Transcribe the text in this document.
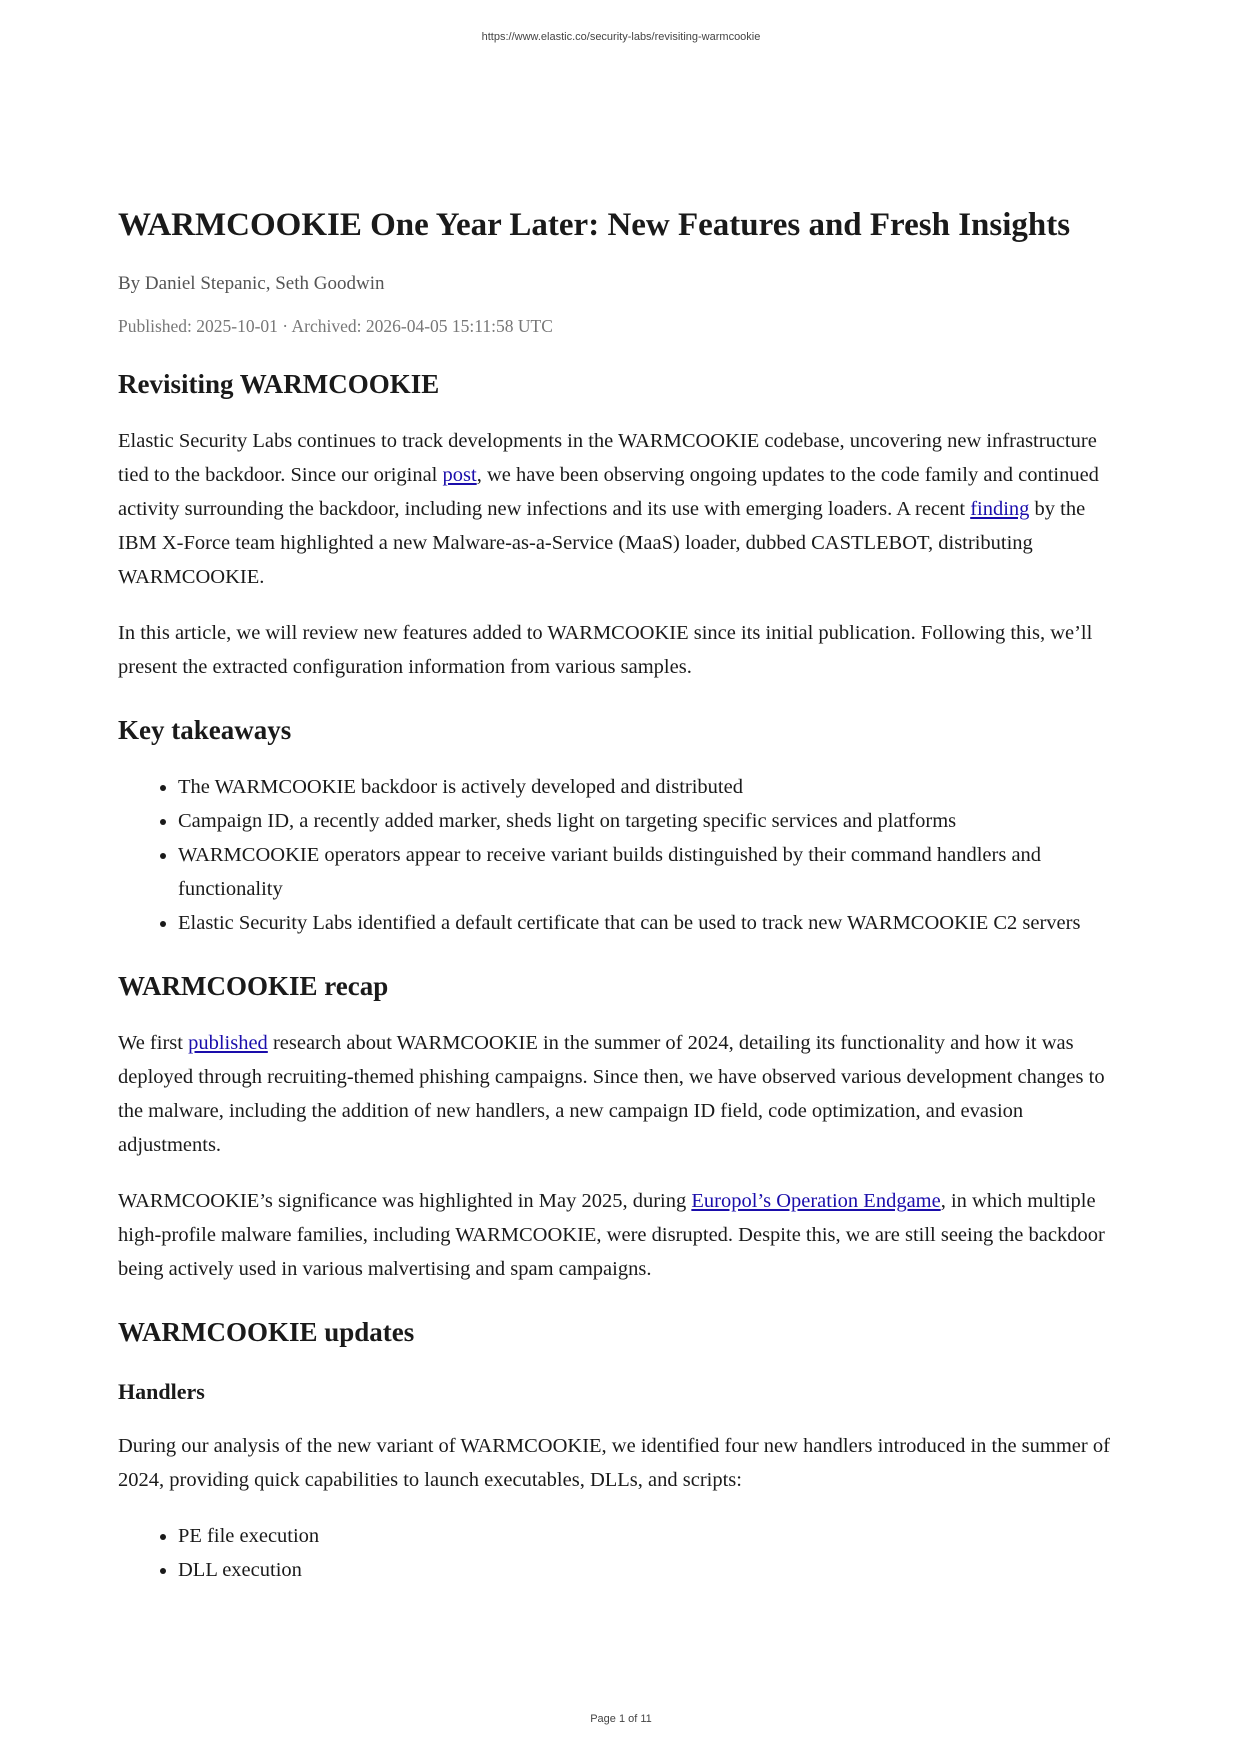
https://www.elastic.co/security-labs/revisiting-warmcookie
WARMCOOKIE One Year Later: New Features and Fresh Insights
By Daniel Stepanic, Seth Goodwin
Published: 2025-10-01 · Archived: 2026-04-05 15:11:58 UTC
Revisiting WARMCOOKIE

Elastic Security Labs continues to track developments in the WARMCOOKIE codebase, uncovering new infrastructure tied to the backdoor. Since our original post, we have been observing ongoing updates to the code family and continued activity surrounding the backdoor, including new infections and its use with emerging loaders. A recent finding by the IBM X-Force team highlighted a new Malware-as-a-Service (MaaS) loader, dubbed CASTLEBOT, distributing WARMCOOKIE.

In this article, we will review new features added to WARMCOOKIE since its initial publication. Following this, we’ll present the extracted configuration information from various samples.

Key takeaways
• The WARMCOOKIE backdoor is actively developed and distributed
• Campaign ID, a recently added marker, sheds light on targeting specific services and platforms
• WARMCOOKIE operators appear to receive variant builds distinguished by their command handlers and functionality
• Elastic Security Labs identified a default certificate that can be used to track new WARMCOOKIE C2 servers
WARMCOOKIE recap

We first published research about WARMCOOKIE in the summer of 2024, detailing its functionality and how it was deployed through recruiting-themed phishing campaigns. Since then, we have observed various development changes to the malware, including the addition of new handlers, a new campaign ID field, code optimization, and evasion adjustments.

WARMCOOKIE’s significance was highlighted in May 2025, during Europol’s Operation Endgame, in which multiple high-profile malware families, including WARMCOOKIE, were disrupted. Despite this, we are still seeing the backdoor being actively used in various malvertising and spam campaigns.

WARMCOOKIE updates
Handlers

During our analysis of the new variant of WARMCOOKIE, we identified four new handlers introduced in the summer of 2024, providing quick capabilities to launch executables, DLLs, and scripts:

• PE file execution
• DLL execution
Page 1 of 11
